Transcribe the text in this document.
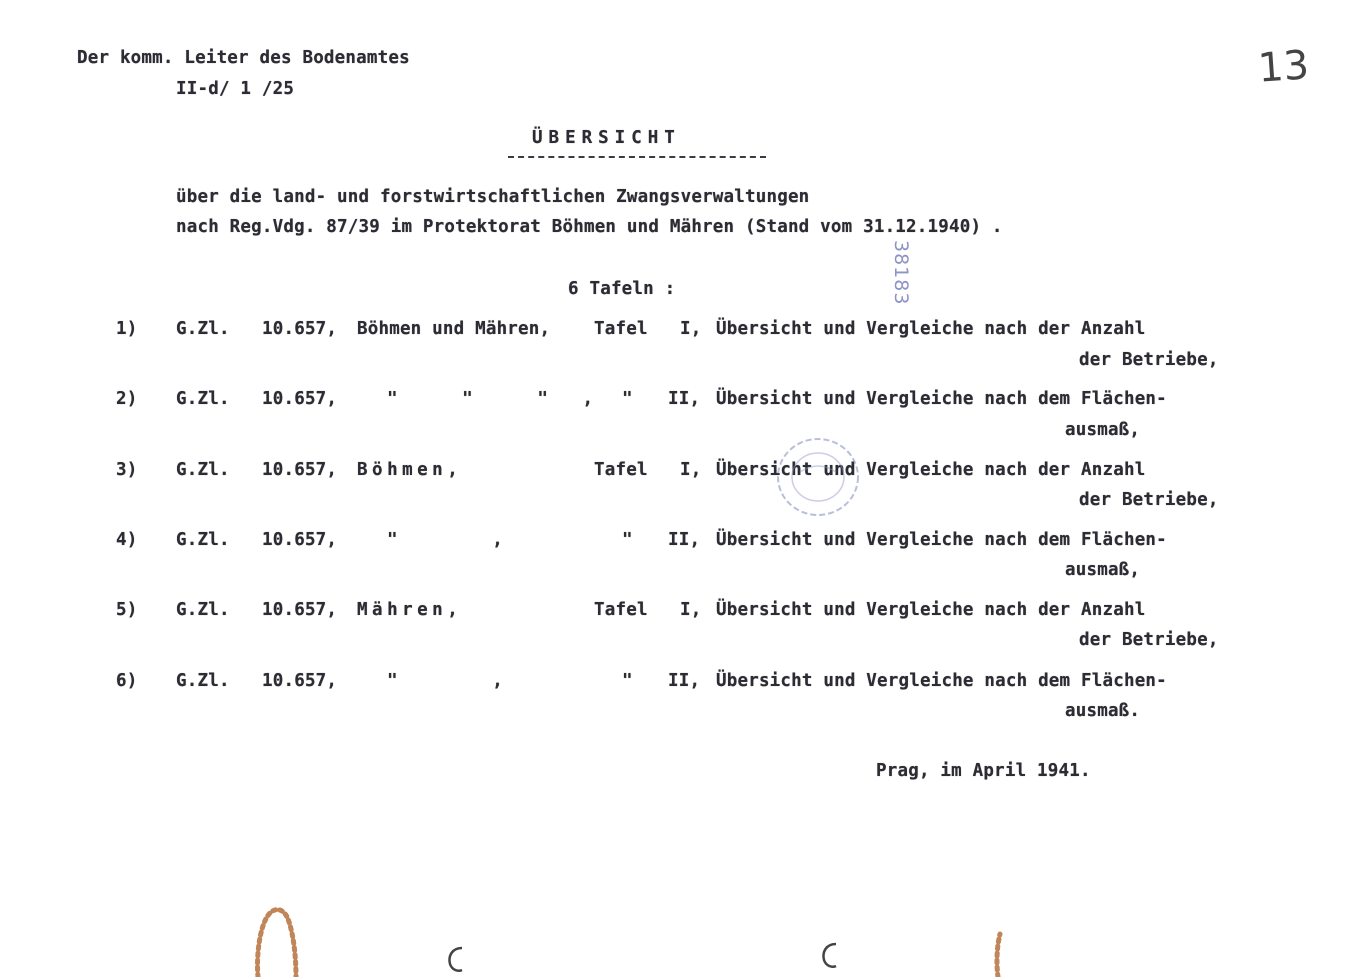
Der komm. Leiter des Bodenamtes
II-d/ 1 /25	13
ÜBERSICHT
über die land- und forstwirtschaftlichen Zwangsverwaltungen
nach Reg.Vdg. 87/39 im Protektorat Böhmen und Mähren (Stand vom 31.12.1940) .
38183
6 Tafeln :
1) G.Zl. 10.657, Böhmen und Mähren,	Tafel I, Übersicht und Vergleiche nach der Anzahl
der Betriebe,
2) G.Zl. 10.657,	"    "    "  , " II, Übersicht und Vergleiche nach dem Flächen-
ausmaß,
3) G.Zl. 10.657, Böhmen,	Tafel I, Übersicht und Vergleiche nach der Anzahl
der Betriebe,
4) G.Zl. 10.657,	"      ,	" II, Übersicht und Vergleiche nach dem Flächen-
ausmaß,
5) G.Zl. 10.657, Mähren,	Tafel I, Übersicht und Vergleiche nach der Anzahl
der Betriebe,
6) G.Zl. 10.657,	"      ,	" II, Übersicht und Vergleiche nach dem Flächen-
ausmaß.
Prag, im April 1941.
